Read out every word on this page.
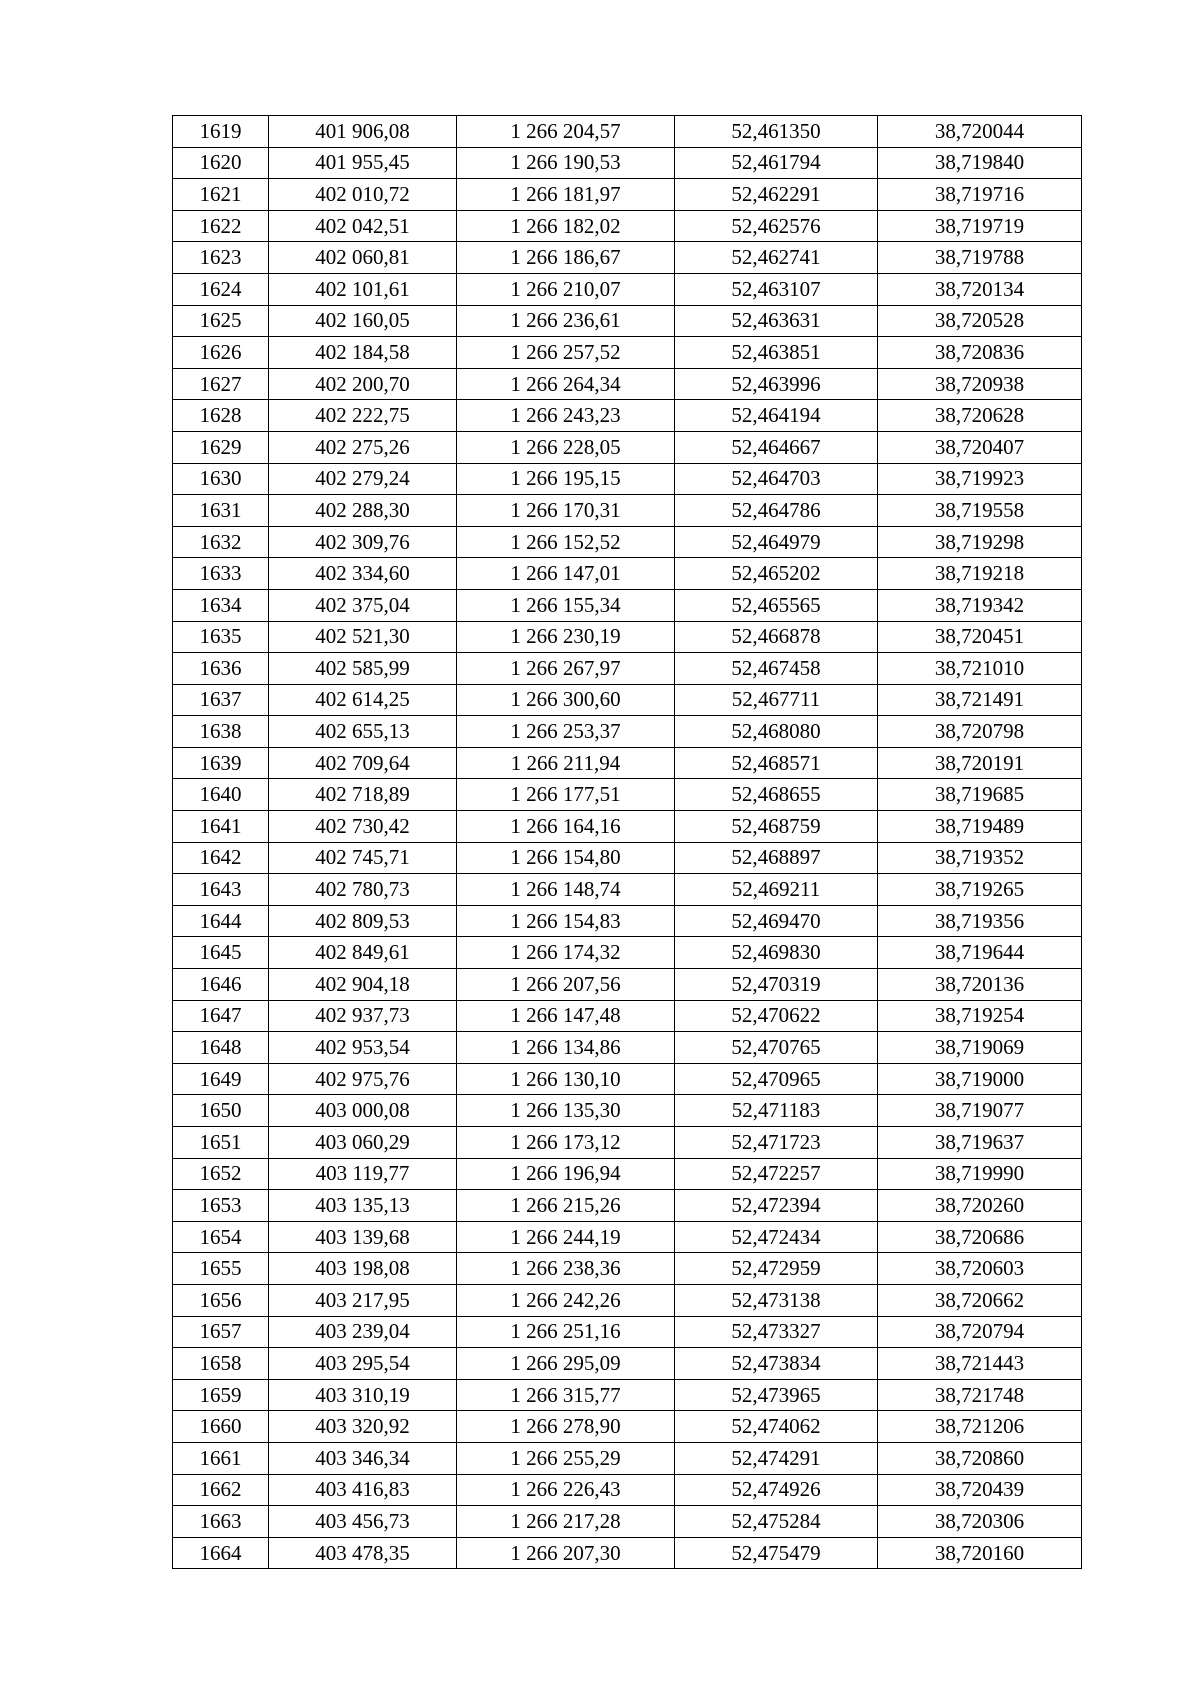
1619	401 906,08	1 266 204,57	52,461350	38,720044
1620	401 955,45	1 266 190,53	52,461794	38,719840
1621	402 010,72	1 266 181,97	52,462291	38,719716
1622	402 042,51	1 266 182,02	52,462576	38,719719
1623	402 060,81	1 266 186,67	52,462741	38,719788
1624	402 101,61	1 266 210,07	52,463107	38,720134
1625	402 160,05	1 266 236,61	52,463631	38,720528
1626	402 184,58	1 266 257,52	52,463851	38,720836
1627	402 200,70	1 266 264,34	52,463996	38,720938
1628	402 222,75	1 266 243,23	52,464194	38,720628
1629	402 275,26	1 266 228,05	52,464667	38,720407
1630	402 279,24	1 266 195,15	52,464703	38,719923
1631	402 288,30	1 266 170,31	52,464786	38,719558
1632	402 309,76	1 266 152,52	52,464979	38,719298
1633	402 334,60	1 266 147,01	52,465202	38,719218
1634	402 375,04	1 266 155,34	52,465565	38,719342
1635	402 521,30	1 266 230,19	52,466878	38,720451
1636	402 585,99	1 266 267,97	52,467458	38,721010
1637	402 614,25	1 266 300,60	52,467711	38,721491
1638	402 655,13	1 266 253,37	52,468080	38,720798
1639	402 709,64	1 266 211,94	52,468571	38,720191
1640	402 718,89	1 266 177,51	52,468655	38,719685
1641	402 730,42	1 266 164,16	52,468759	38,719489
1642	402 745,71	1 266 154,80	52,468897	38,719352
1643	402 780,73	1 266 148,74	52,469211	38,719265
1644	402 809,53	1 266 154,83	52,469470	38,719356
1645	402 849,61	1 266 174,32	52,469830	38,719644
1646	402 904,18	1 266 207,56	52,470319	38,720136
1647	402 937,73	1 266 147,48	52,470622	38,719254
1648	402 953,54	1 266 134,86	52,470765	38,719069
1649	402 975,76	1 266 130,10	52,470965	38,719000
1650	403 000,08	1 266 135,30	52,471183	38,719077
1651	403 060,29	1 266 173,12	52,471723	38,719637
1652	403 119,77	1 266 196,94	52,472257	38,719990
1653	403 135,13	1 266 215,26	52,472394	38,720260
1654	403 139,68	1 266 244,19	52,472434	38,720686
1655	403 198,08	1 266 238,36	52,472959	38,720603
1656	403 217,95	1 266 242,26	52,473138	38,720662
1657	403 239,04	1 266 251,16	52,473327	38,720794
1658	403 295,54	1 266 295,09	52,473834	38,721443
1659	403 310,19	1 266 315,77	52,473965	38,721748
1660	403 320,92	1 266 278,90	52,474062	38,721206
1661	403 346,34	1 266 255,29	52,474291	38,720860
1662	403 416,83	1 266 226,43	52,474926	38,720439
1663	403 456,73	1 266 217,28	52,475284	38,720306
1664	403 478,35	1 266 207,30	52,475479	38,720160
